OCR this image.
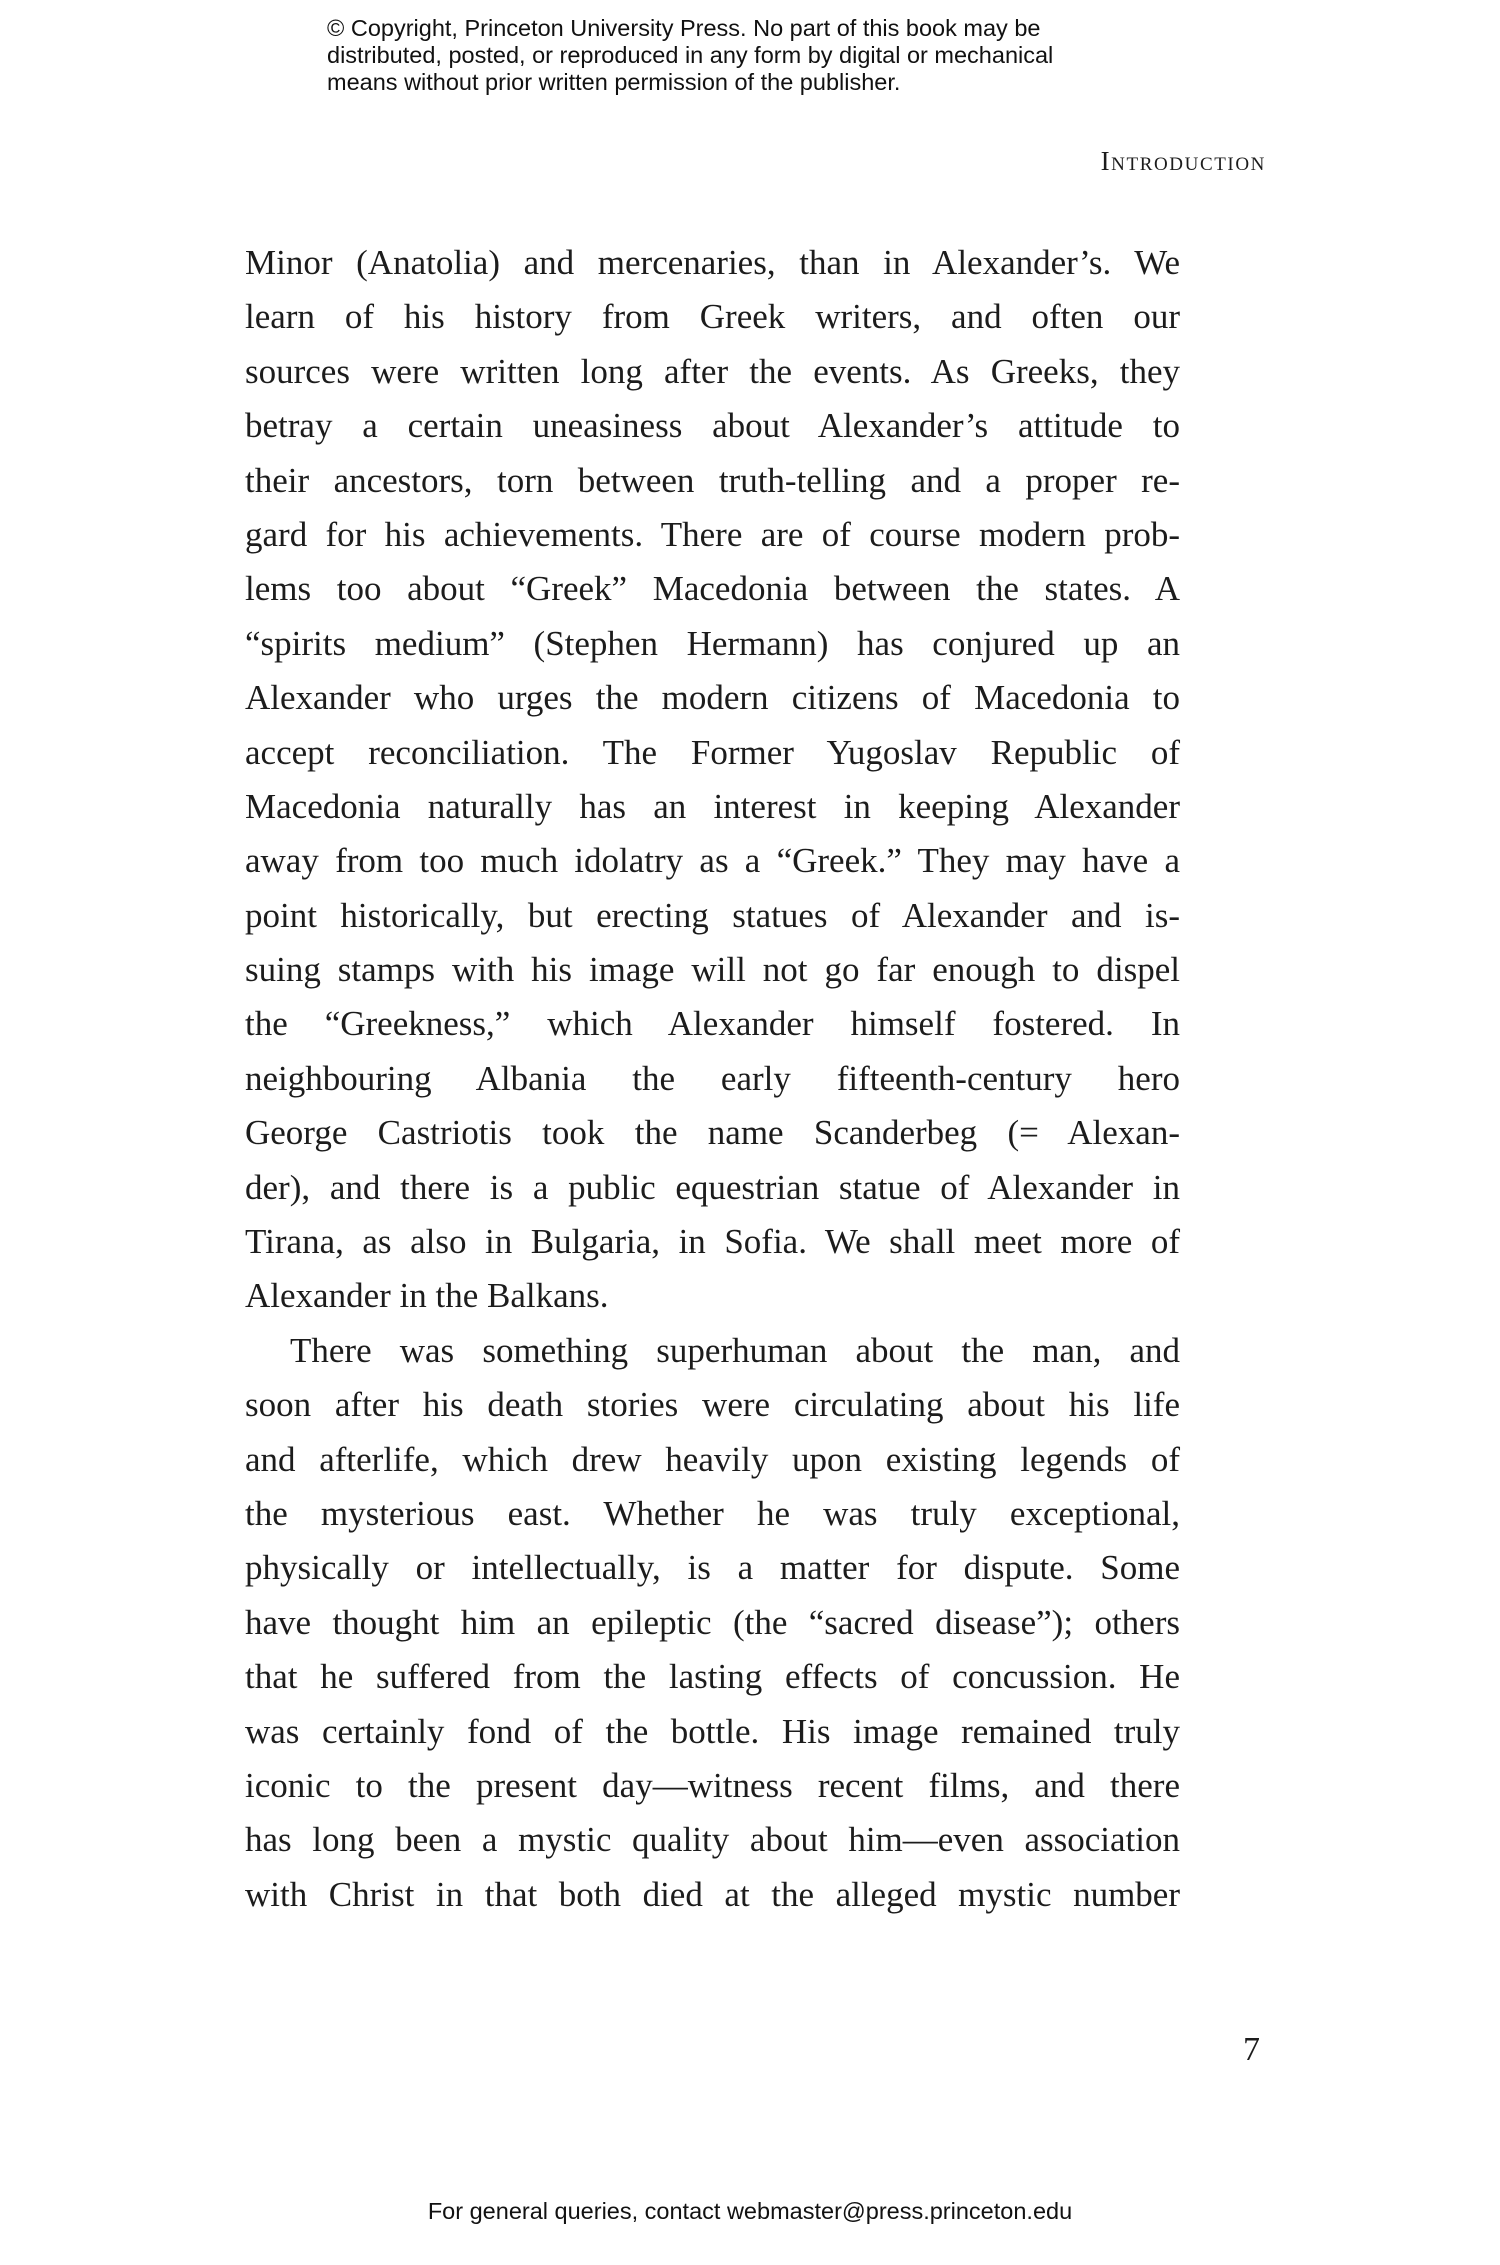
© Copyright, Princeton University Press. No part of this book may be
distributed, posted, or reproduced in any form by digital or mechanical
means without prior written permission of the publisher.
Introduction
Minor (Anatolia) and mercenaries, than in Alexander’s. We
learn of his history from Greek writers, and often our
sources were written long after the events. As Greeks, they
betray a certain uneasiness about Alexander’s attitude to
their ancestors, torn between truth-telling and a proper re-
gard for his achievements. There are of course modern prob-
lems too about “Greek” Macedonia between the states. A
“spirits medium” (Stephen Hermann) has conjured up an
Alexander who urges the modern citizens of Macedonia to
accept reconciliation. The Former Yugoslav Republic of
Macedonia naturally has an interest in keeping Alexander
away from too much idolatry as a “Greek.” They may have a
point historically, but erecting statues of Alexander and is-
suing stamps with his image will not go far enough to dispel
the “Greekness,” which Alexander himself fostered. In
neighbouring Albania the early fifteenth-century hero
George Castriotis took the name Scanderbeg (= Alexan-
der), and there is a public equestrian statue of Alexander in
Tirana, as also in Bulgaria, in Sofia. We shall meet more of
Alexander in the Balkans.
There was something superhuman about the man, and
soon after his death stories were circulating about his life
and afterlife, which drew heavily upon existing legends of
the mysterious east. Whether he was truly exceptional,
physically or intellectually, is a matter for dispute. Some
have thought him an epileptic (the “sacred disease”); others
that he suffered from the lasting effects of concussion. He
was certainly fond of the bottle. His image remained truly
iconic to the present day—witness recent films, and there
has long been a mystic quality about him—even association
with Christ in that both died at the alleged mystic number
7
For general queries, contact webmaster@press.princeton.edu
